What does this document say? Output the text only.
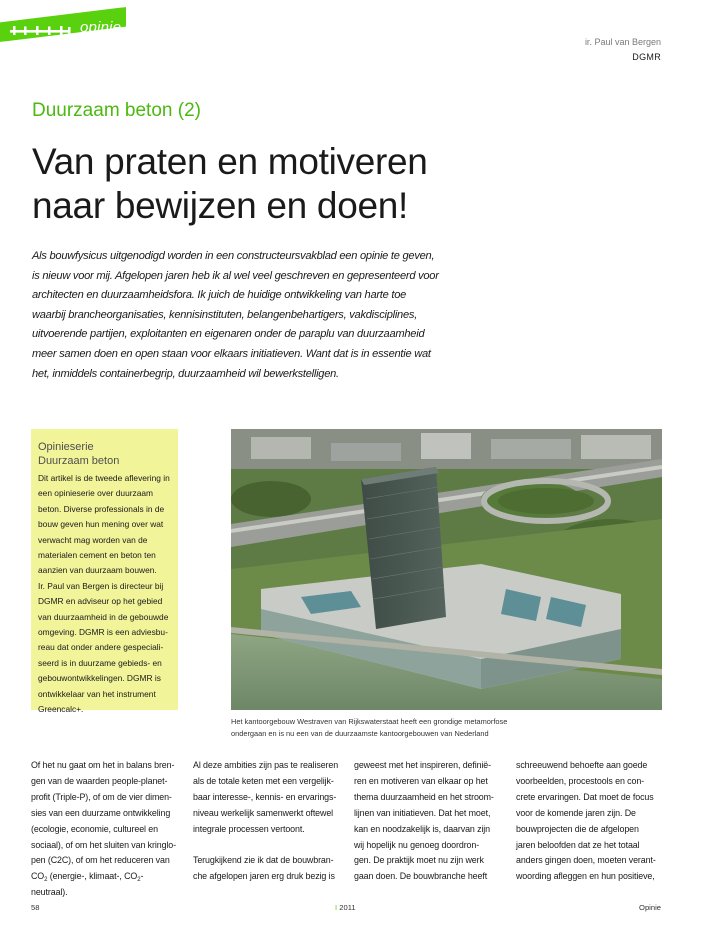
opinie
ir. Paul van Bergen
DGMR
Duurzaam beton (2)
Van praten en motiveren
naar bewijzen en doen!

Als bouwfysicus uitgenodigd worden in een constructeursvakblad een opinie te geven,
is nieuw voor mij. Afgelopen jaren heb ik al wel veel geschreven en gepresenteerd voor
architecten en duurzaamheidsfora. Ik juich de huidige ontwikkeling van harte toe
waarbij brancheorganisaties, kennisinstituten, belangenbehartigers, vakdisciplines,
uitvoerende partijen, exploitanten en eigenaren onder de paraplu van duurzaamheid
meer samen doen en open staan voor elkaars initiatieven. Want dat is in essentie wat
het, inmiddels containerbegrip, duurzaamheid wil bewerkstelligen.

Opinieserie
Duurzaam beton
Dit artikel is de tweede aflevering in
een opinieserie over duurzaam
beton. Diverse professionals in de
bouw geven hun mening over wat
verwacht mag worden van de
materialen cement en beton ten
aanzien van duurzaam bouwen.
Ir. Paul van Bergen is directeur bij
DGMR en adviseur op het gebied
van duurzaamheid in de gebouwde
omgeving. DGMR is een adviesbu-
reau dat onder andere gespeciali-
seerd is in duurzame gebieds- en
gebouwontwikkelingen. DGMR is
ontwikkelaar van het instrument
Greencalc+.
Het kantoorgebouw Westraven van Rijkswaterstaat heeft een grondige metamorfose
ondergaan en is nu een van de duurzaamste kantoorgebouwen van Nederland
Of het nu gaat om het in balans bren-
gen van de waarden people-planet-
profit (Triple-P), of om de vier dimen-
sies van een duurzame ontwikkeling
(ecologie, economie, cultureel en
sociaal), of om het sluiten van kringlo-
pen (C2C), of om het reduceren van
$CO_2$ (energie-, klimaat-, $CO_2-neutraal$).

Al deze ambities zijn pas te realiseren
als de totale keten met een vergelijk-
baar interesse-, kennis- en ervarings-
niveau werkelijk samenwerkt oftewel
integrale processen vertoont.

Terugkijkend zie ik dat de bouwbran-
che afgelopen jaren erg druk bezig is

geweest met het inspireren, definië-
ren en motiveren van elkaar op het
thema duurzaamheid en het stroom-
lijnen van initiatieven. Dat het moet,
kan en noodzakelijk is, daarvan zijn
wij hopelijk nu genoeg doordron-
gen. De praktijk moet nu zijn werk
gaan doen. De bouwbranche heeft
schreeuwend behoefte aan goede
voorbeelden, procestools en con-
crete ervaringen. Dat moet de focus
voor de komende jaren zijn. De
bouwprojecten die de afgelopen
jaren beloofden dat ze het totaal
anders gingen doen, moeten verant-
woording afleggen en hun positieve,
58	I 2011	Opinie
